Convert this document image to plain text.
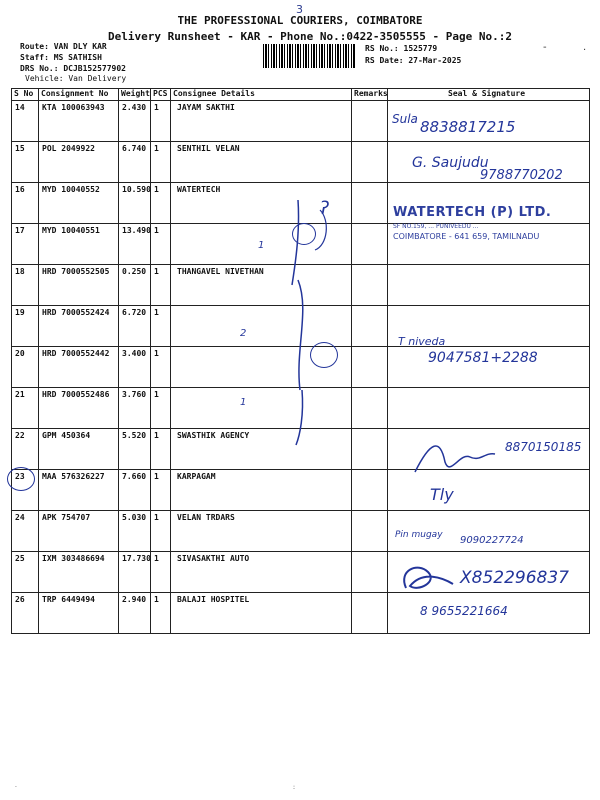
THE PROFESSIONAL COURIERS, COIMBATORE
3
Delivery Runsheet - KAR - Phone No.:0422-3505555 - Page No.:2
Route: VAN DLY KAR
Staff: MS SATHISH
DRS No.: DCJB152577902
Vehicle: Van Delivery
RS No.: 1525779
RS Date: 27-Mar-2025
-	.
S No	Consignment No	Weight	PCS	Consignee Details	Remarks	Seal & Signature

14	KTA 100063943	2.430	1	JAYAM SAKTHI		

15	POL 2049922	6.740	1	SENTHIL VELAN		

16	MYD 10040552	10.590	1	WATERTECH		

17	MYD 10040551	13.490	1			

18	HRD 7000552505	0.250	1	THANGAVEL NIVETHAN		

19	HRD 7000552424	6.720	1			

20	HRD 7000552442	3.400	1			

21	HRD 7000552486	3.760	1			

22	GPM 450364	5.520	1	SWASTHIK AGENCY		

23	MAA 576326227	7.660	1	KARPAGAM		

24	APK 754707	5.030	1	VELAN TRDARS		

25	IXM 303486694	17.730	1	SIVASAKTHI AUTO		

26	TRP 6449494	2.940	1	BALAJI HOSPITEL		

Sula 8838817215
G. Saujudu
9788770202
WATERTECH (P) LTD.
SF NO.159, ... PUNIVEEDU ...
COIMBATORE - 641 659, TAMILNADU
ʔ
1
2
1
T niveda
9047581+2288
8870150185
Tly
Pin mugay 9090227724
X852296837
8 9655221664
.	:
